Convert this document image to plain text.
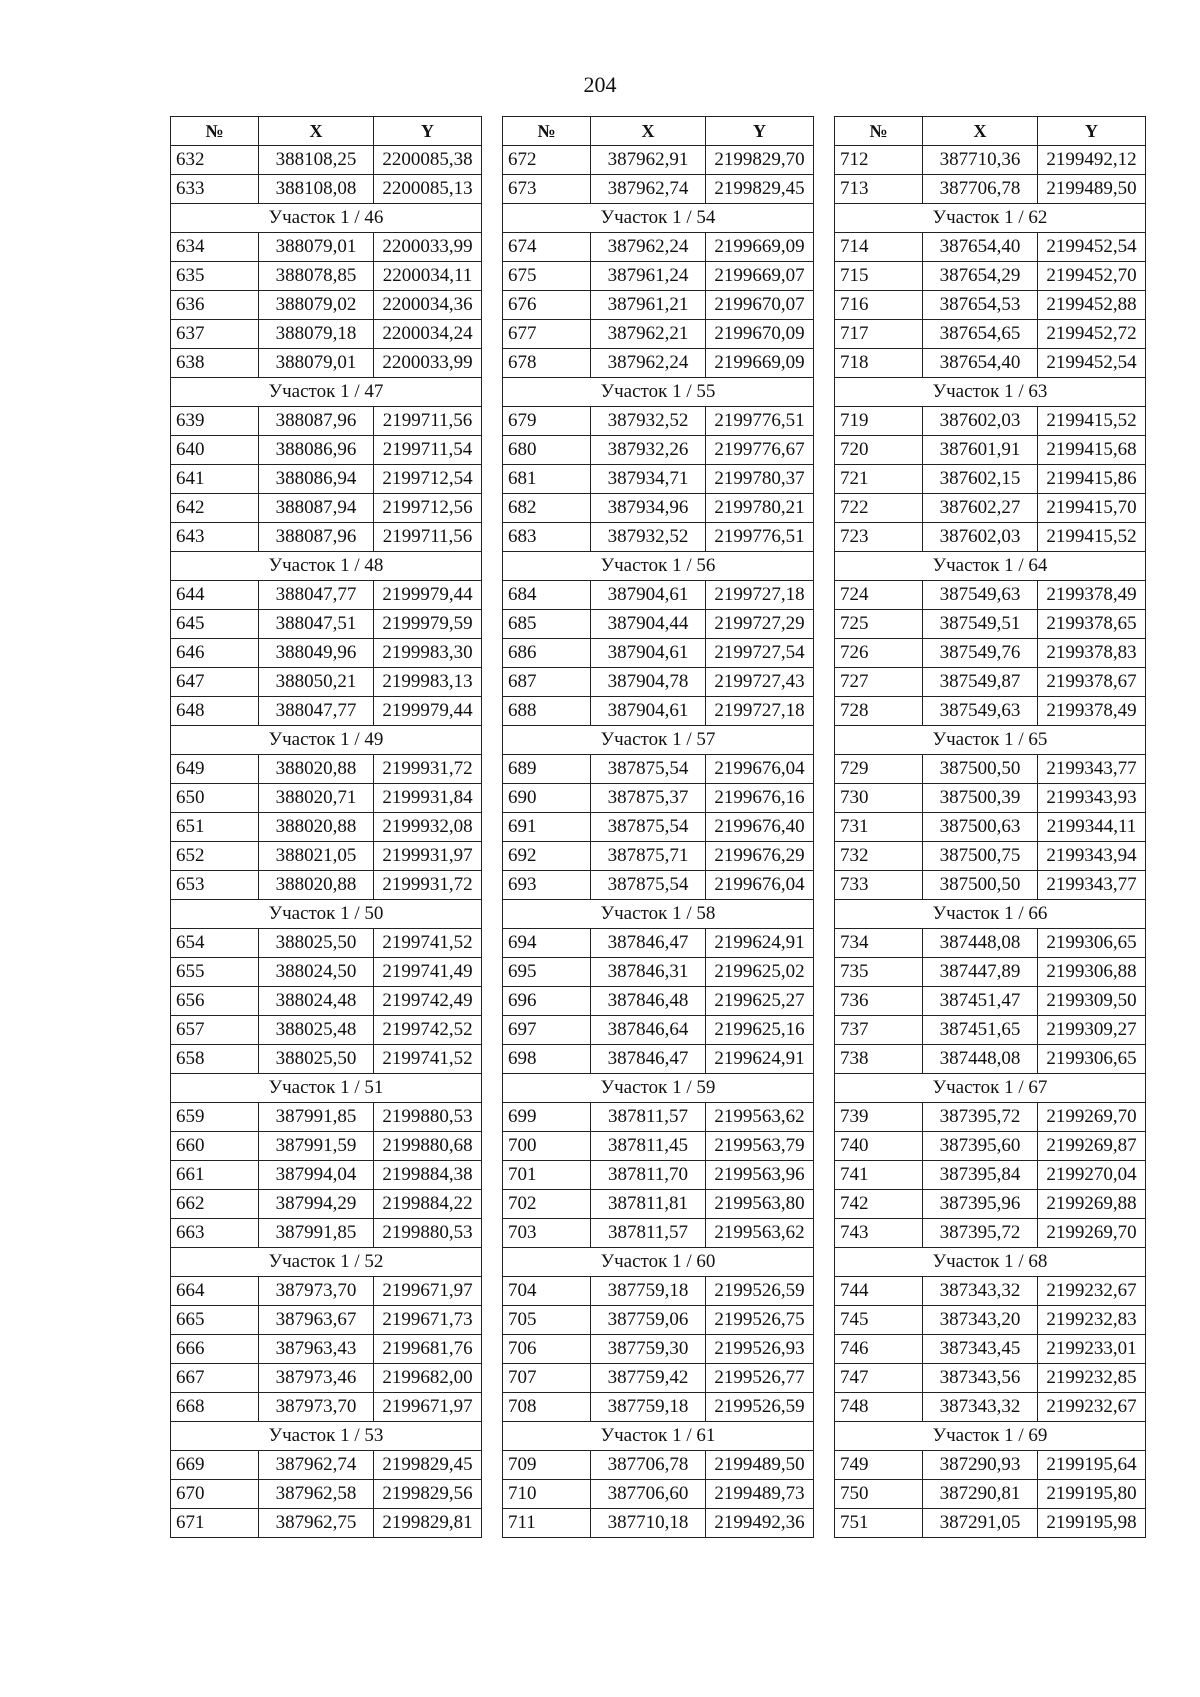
204
№	X	Y
632	388108,25	2200085,38
633	388108,08	2200085,13
Участок 1 / 46		
634	388079,01	2200033,99
635	388078,85	2200034,11
636	388079,02	2200034,36
637	388079,18	2200034,24
638	388079,01	2200033,99
Участок 1 / 47		
639	388087,96	2199711,56
640	388086,96	2199711,54
641	388086,94	2199712,54
642	388087,94	2199712,56
643	388087,96	2199711,56
Участок 1 / 48		
644	388047,77	2199979,44
645	388047,51	2199979,59
646	388049,96	2199983,30
647	388050,21	2199983,13
648	388047,77	2199979,44
Участок 1 / 49		
649	388020,88	2199931,72
650	388020,71	2199931,84
651	388020,88	2199932,08
652	388021,05	2199931,97
653	388020,88	2199931,72
Участок 1 / 50		
654	388025,50	2199741,52
655	388024,50	2199741,49
656	388024,48	2199742,49
657	388025,48	2199742,52
658	388025,50	2199741,52
Участок 1 / 51		
659	387991,85	2199880,53
660	387991,59	2199880,68
661	387994,04	2199884,38
662	387994,29	2199884,22
663	387991,85	2199880,53
Участок 1 / 52		
664	387973,70	2199671,97
665	387963,67	2199671,73
666	387963,43	2199681,76
667	387973,46	2199682,00
668	387973,70	2199671,97
Участок 1 / 53		
669	387962,74	2199829,45
670	387962,58	2199829,56
671	387962,75	2199829,81
№	X	Y
672	387962,91	2199829,70
673	387962,74	2199829,45
Участок 1 / 54		
674	387962,24	2199669,09
675	387961,24	2199669,07
676	387961,21	2199670,07
677	387962,21	2199670,09
678	387962,24	2199669,09
Участок 1 / 55		
679	387932,52	2199776,51
680	387932,26	2199776,67
681	387934,71	2199780,37
682	387934,96	2199780,21
683	387932,52	2199776,51
Участок 1 / 56		
684	387904,61	2199727,18
685	387904,44	2199727,29
686	387904,61	2199727,54
687	387904,78	2199727,43
688	387904,61	2199727,18
Участок 1 / 57		
689	387875,54	2199676,04
690	387875,37	2199676,16
691	387875,54	2199676,40
692	387875,71	2199676,29
693	387875,54	2199676,04
Участок 1 / 58		
694	387846,47	2199624,91
695	387846,31	2199625,02
696	387846,48	2199625,27
697	387846,64	2199625,16
698	387846,47	2199624,91
Участок 1 / 59		
699	387811,57	2199563,62
700	387811,45	2199563,79
701	387811,70	2199563,96
702	387811,81	2199563,80
703	387811,57	2199563,62
Участок 1 / 60		
704	387759,18	2199526,59
705	387759,06	2199526,75
706	387759,30	2199526,93
707	387759,42	2199526,77
708	387759,18	2199526,59
Участок 1 / 61		
709	387706,78	2199489,50
710	387706,60	2199489,73
711	387710,18	2199492,36
№	X	Y
712	387710,36	2199492,12
713	387706,78	2199489,50
Участок 1 / 62		
714	387654,40	2199452,54
715	387654,29	2199452,70
716	387654,53	2199452,88
717	387654,65	2199452,72
718	387654,40	2199452,54
Участок 1 / 63		
719	387602,03	2199415,52
720	387601,91	2199415,68
721	387602,15	2199415,86
722	387602,27	2199415,70
723	387602,03	2199415,52
Участок 1 / 64		
724	387549,63	2199378,49
725	387549,51	2199378,65
726	387549,76	2199378,83
727	387549,87	2199378,67
728	387549,63	2199378,49
Участок 1 / 65		
729	387500,50	2199343,77
730	387500,39	2199343,93
731	387500,63	2199344,11
732	387500,75	2199343,94
733	387500,50	2199343,77
Участок 1 / 66		
734	387448,08	2199306,65
735	387447,89	2199306,88
736	387451,47	2199309,50
737	387451,65	2199309,27
738	387448,08	2199306,65
Участок 1 / 67		
739	387395,72	2199269,70
740	387395,60	2199269,87
741	387395,84	2199270,04
742	387395,96	2199269,88
743	387395,72	2199269,70
Участок 1 / 68		
744	387343,32	2199232,67
745	387343,20	2199232,83
746	387343,45	2199233,01
747	387343,56	2199232,85
748	387343,32	2199232,67
Участок 1 / 69		
749	387290,93	2199195,64
750	387290,81	2199195,80
751	387291,05	2199195,98
